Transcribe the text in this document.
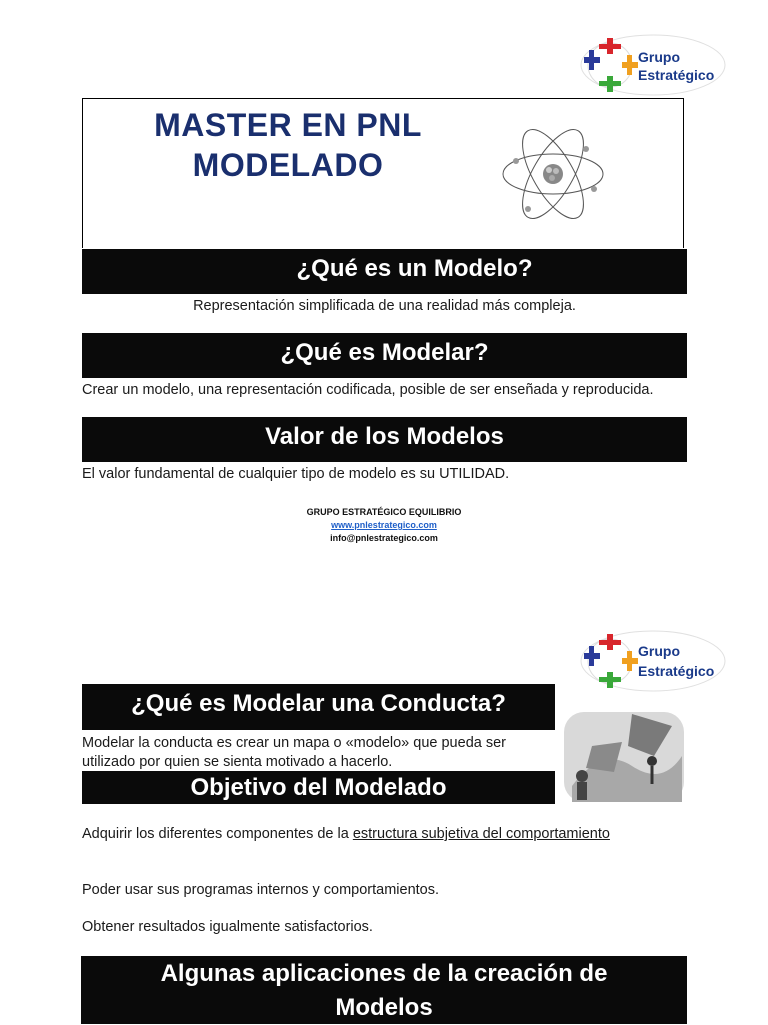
Grupo
Estratégico
MASTER EN PNL
MODELADO
¿Qué es un Modelo?
Representación simplificada de una realidad más compleja.
¿Qué es Modelar?
Crear un modelo, una representación codificada, posible de ser enseñada y reproducida.
Valor de los Modelos
El valor fundamental de cualquier tipo de modelo es su UTILIDAD.
GRUPO ESTRATÉGICO EQUILIBRIO
www.pnlestrategico.com
info@pnlestrategico.com
Grupo
Estratégico
¿Qué es Modelar una Conducta?
Modelar la conducta es crear un mapa o «modelo» que pueda ser utilizado por quien se sienta motivado a hacerlo.
Objetivo del Modelado
Adquirir los diferentes componentes de la estructura subjetiva del comportamiento
Poder usar sus programas internos y comportamientos.
Obtener resultados igualmente satisfactorios.
Algunas aplicaciones de la creación de
Modelos
